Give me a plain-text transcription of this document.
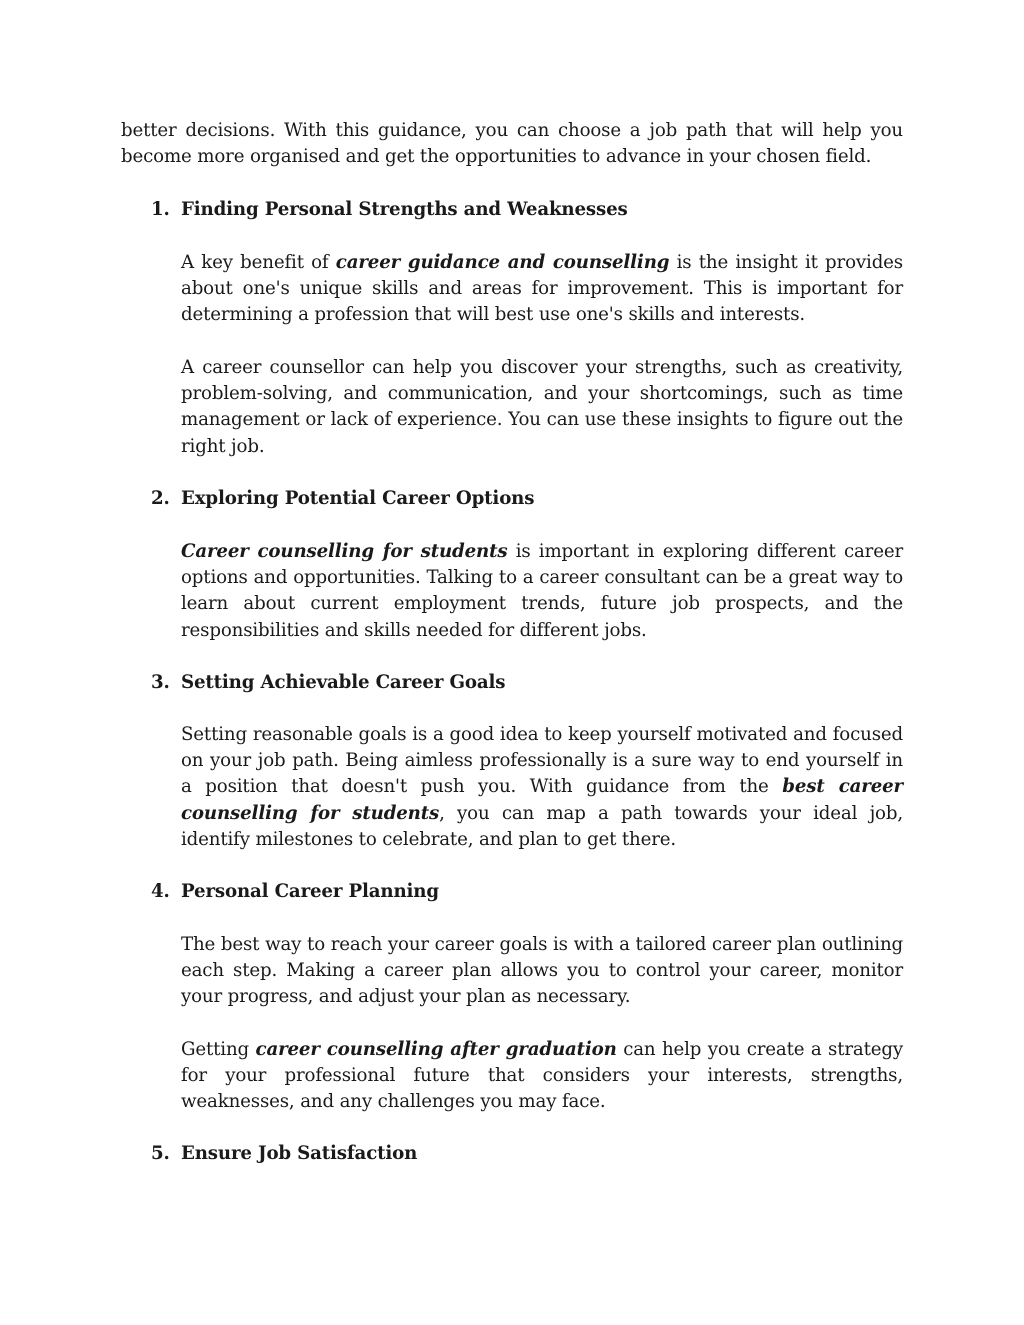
better decisions. With this guidance, you can choose a job path that will help you become more organised and get the opportunities to advance in your chosen field.

1. Finding Personal Strengths and Weaknesses

A key benefit of career guidance and counselling is the insight it provides about one's unique skills and areas for improvement. This is important for determining a profession that will best use one's skills and interests.

A career counsellor can help you discover your strengths, such as creativity, problem-solving, and communication, and your shortcomings, such as time management or lack of experience. You can use these insights to figure out the right job.

2. Exploring Potential Career Options

Career counselling for students is important in exploring different career options and opportunities. Talking to a career consultant can be a great way to learn about current employment trends, future job prospects, and the responsibilities and skills needed for different jobs.

3. Setting Achievable Career Goals

Setting reasonable goals is a good idea to keep yourself motivated and focused on your job path. Being aimless professionally is a sure way to end yourself in a position that doesn't push you. With guidance from the best career counselling for students, you can map a path towards your ideal job, identify milestones to celebrate, and plan to get there.

4. Personal Career Planning

The best way to reach your career goals is with a tailored career plan outlining each step. Making a career plan allows you to control your career, monitor your progress, and adjust your plan as necessary.

Getting career counselling after graduation can help you create a strategy for your professional future that considers your interests, strengths, weaknesses, and any challenges you may face.

5. Ensure Job Satisfaction
